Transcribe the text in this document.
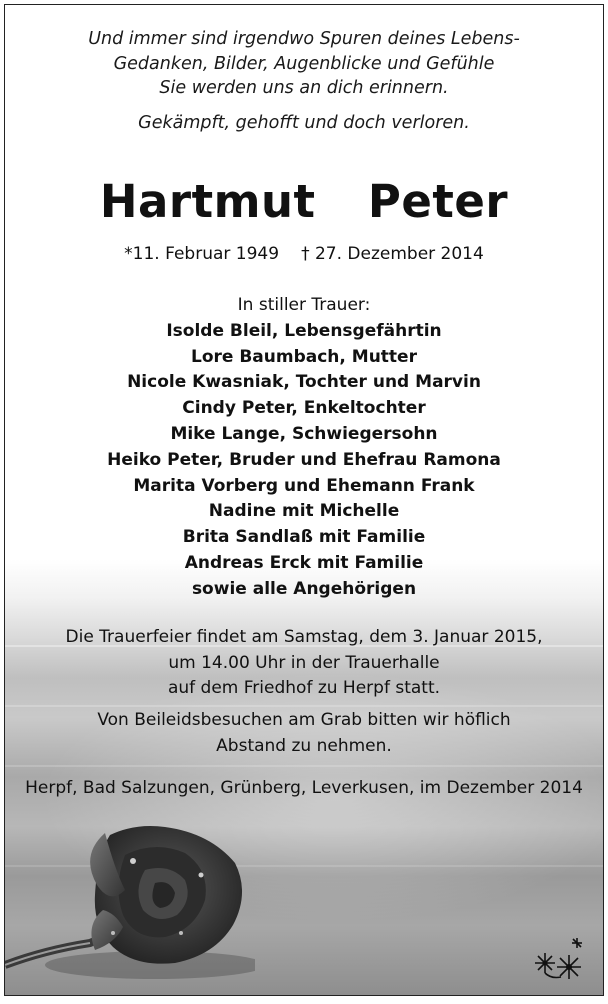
Und immer sind irgendwo Spuren deines Lebens-
Gedanken, Bilder, Augenblicke und Gefühle
Sie werden uns an dich erinnern.
Gekämpft, gehofft und doch verloren.
Hartmut  Peter
*11. Februar 1949 † 27. Dezember 2014
In stiller Trauer:
Isolde Bleil, Lebensgefährtin
Lore Baumbach, Mutter
Nicole Kwasniak, Tochter und Marvin
Cindy Peter, Enkeltochter
Mike Lange, Schwiegersohn
Heiko Peter, Bruder und Ehefrau Ramona
Marita Vorberg und Ehemann Frank
Nadine mit Michelle
Brita Sandlaß mit Familie
Andreas Erck mit Familie
sowie alle Angehörigen
Die Trauerfeier findet am Samstag, dem 3. Januar 2015,
um 14.00 Uhr in der Trauerhalle
auf dem Friedhof zu Herpf statt.
Von Beileidsbesuchen am Grab bitten wir höflich
Abstand zu nehmen.
Herpf, Bad Salzungen, Grünberg, Leverkusen, im Dezember 2014
